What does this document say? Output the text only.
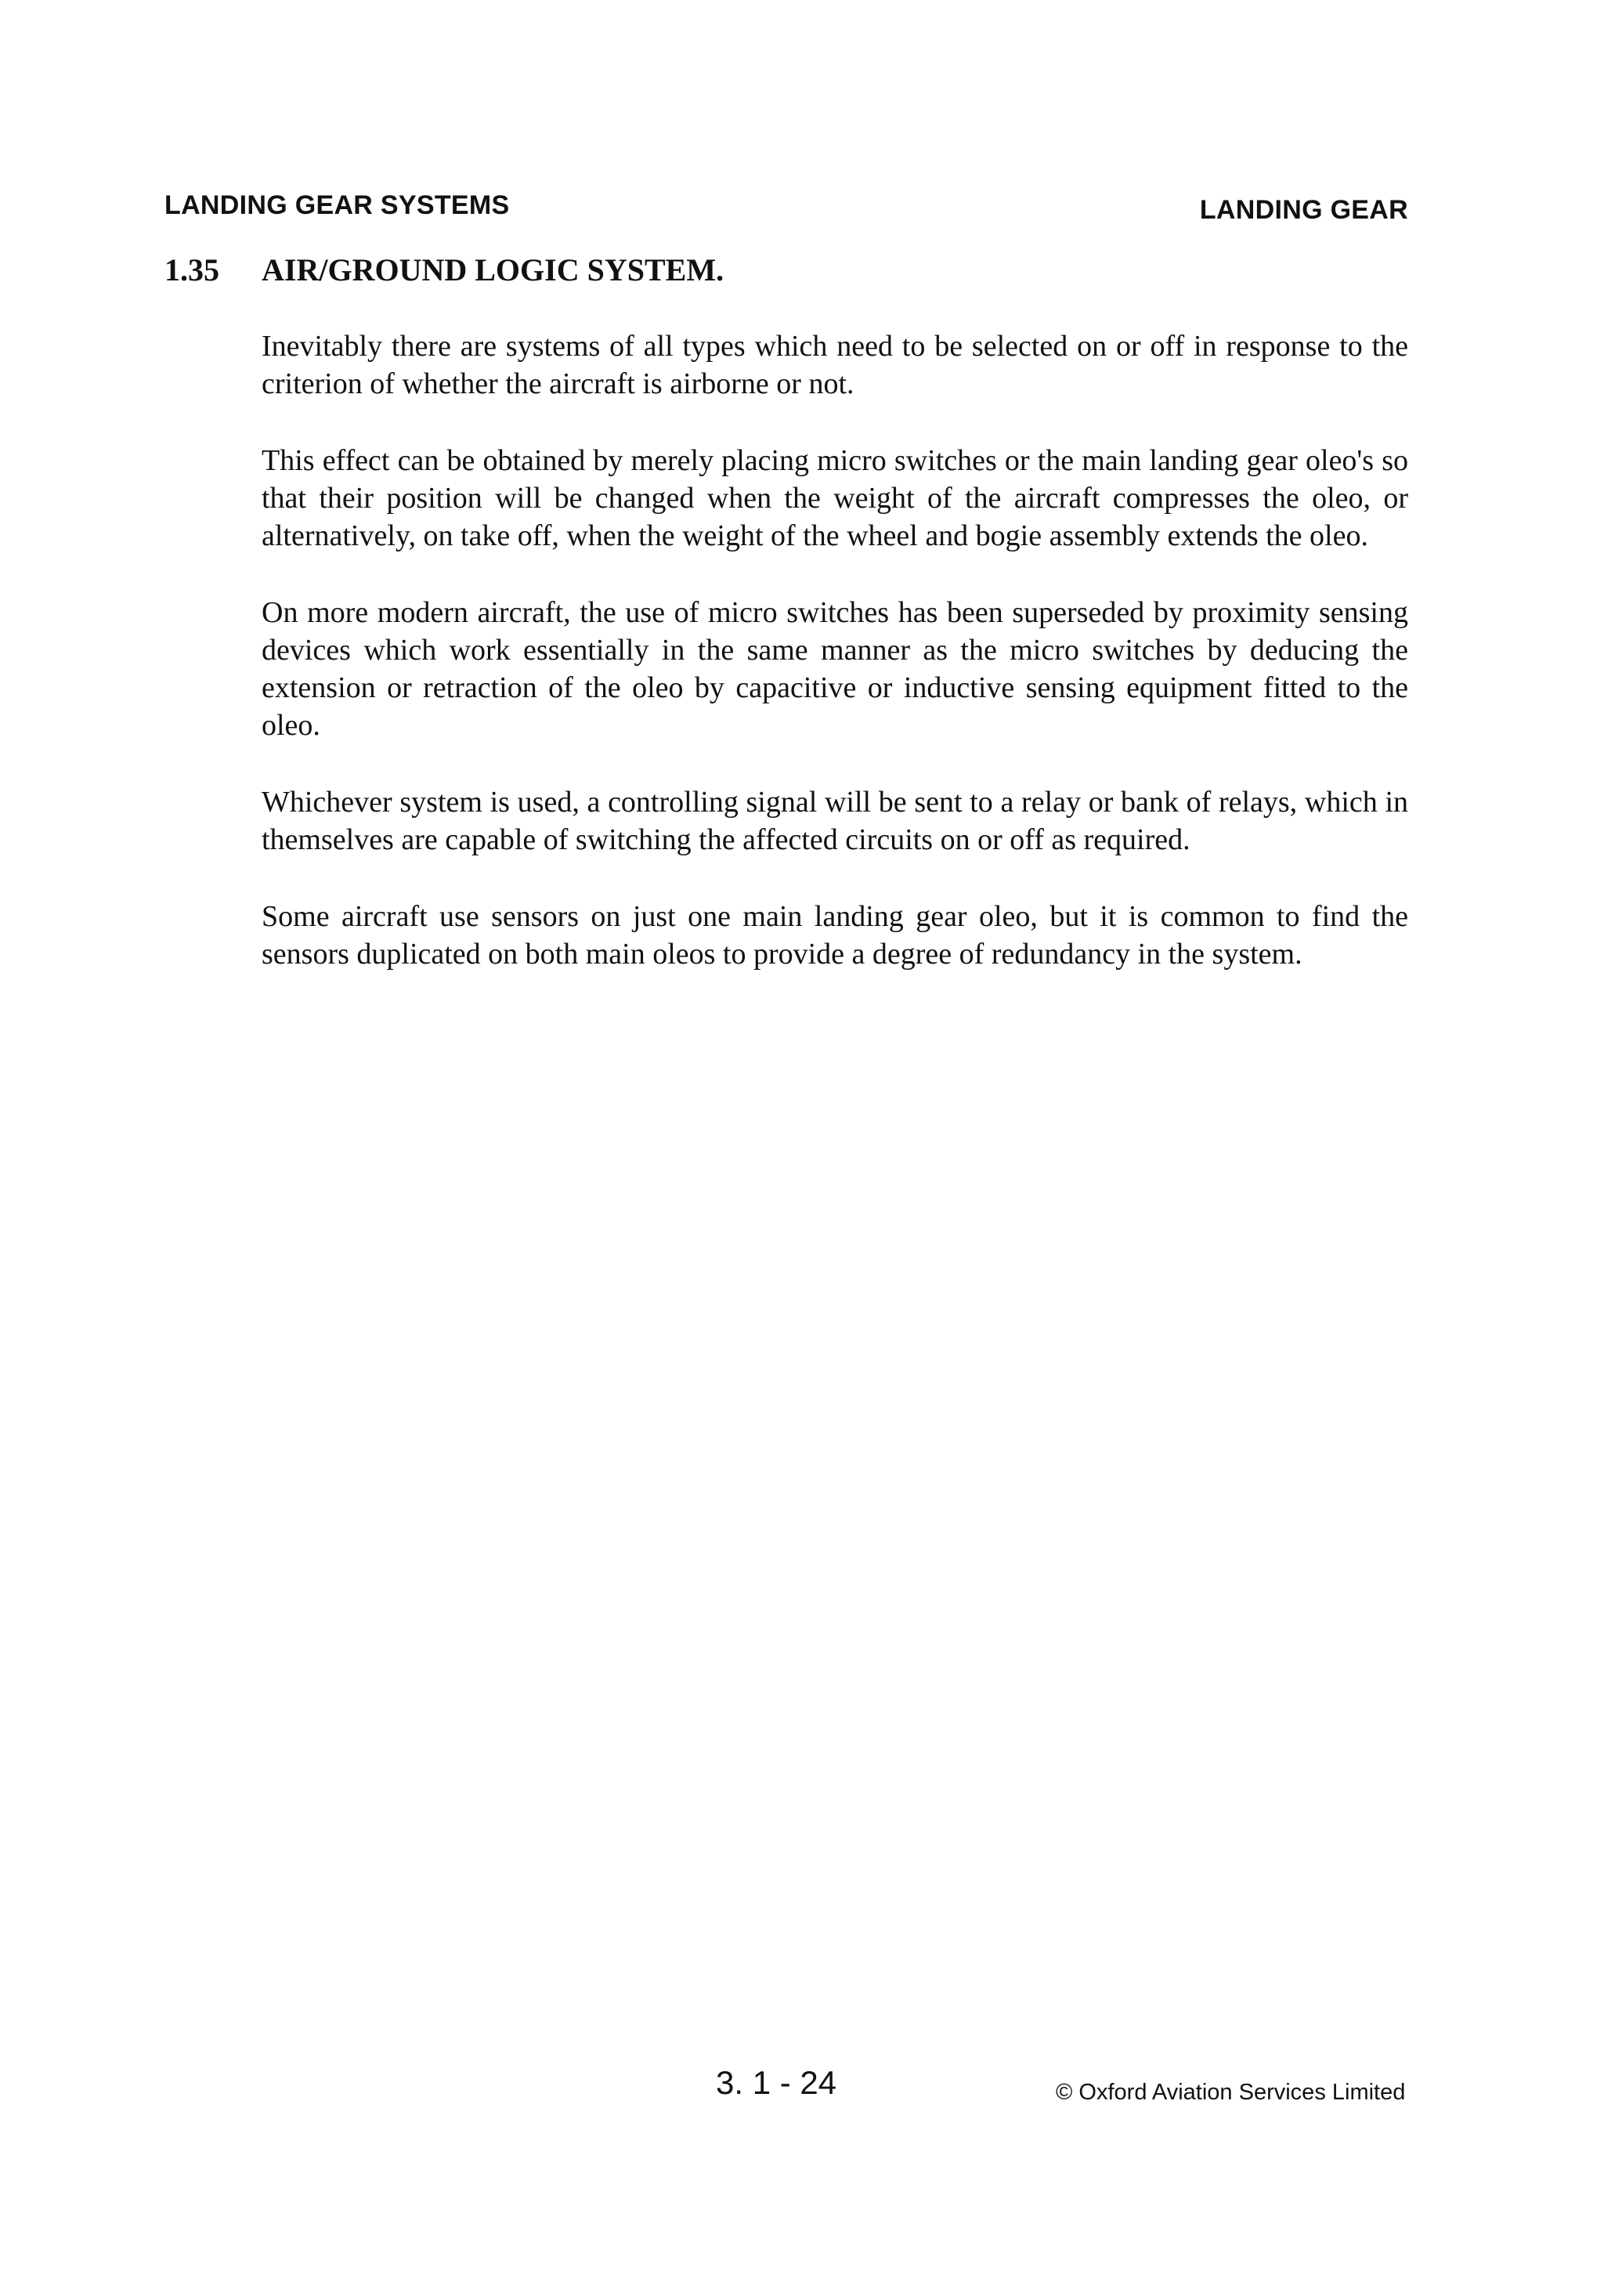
LANDING GEAR SYSTEMS	LANDING GEAR
1.35 AIR/GROUND LOGIC SYSTEM.

Inevitably there are systems of all types which need to be selected on or off in response to the criterion of whether the aircraft is airborne or not.

This effect can be obtained by merely placing micro switches or the main landing gear oleo's so that their position will be changed when the weight of the aircraft compresses the oleo, or alternatively, on take off, when the weight of the wheel and bogie assembly extends the oleo.

On more modern aircraft, the use of micro switches has been superseded by proximity sensing devices which work essentially in the same manner as the micro switches by deducing the extension or retraction of the oleo by capacitive or inductive sensing equipment fitted to the oleo.

Whichever system is used, a controlling signal will be sent to a relay or bank of relays, which in themselves are capable of switching the affected circuits on or off as required.

Some aircraft use sensors on just one main landing gear oleo, but it is common to find the sensors duplicated on both main oleos to provide a degree of redundancy in the system.

3. 1 - 24	© Oxford Aviation Services Limited
